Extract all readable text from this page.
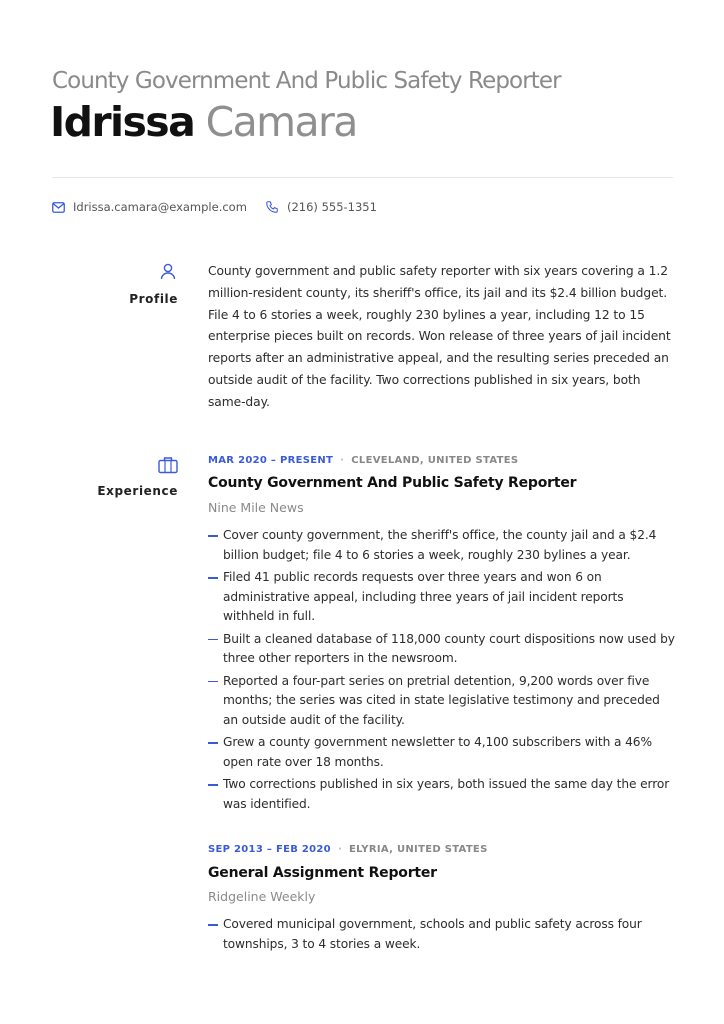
County Government And Public Safety Reporter
Idrissa Camara
Idrissa.camara@example.com	(216) 555-1351
Profile
County government and public safety reporter with six years covering a 1.2 million-resident county, its sheriff's office, its jail and its $2.4 billion budget. File 4 to 6 stories a week, roughly 230 bylines a year, including 12 to 15 enterprise pieces built on records. Won release of three years of jail incident reports after an administrative appeal, and the resulting series preceded an outside audit of the facility. Two corrections published in six years, both same-day.
Experience
MAR 2020 – PRESENT · CLEVELAND, UNITED STATES
County Government And Public Safety Reporter
Nine Mile News
Cover county government, the sheriff's office, the county jail and a $2.4 billion budget; file 4 to 6 stories a week, roughly 230 bylines a year.
Filed 41 public records requests over three years and won 6 on administrative appeal, including three years of jail incident reports withheld in full.
Built a cleaned database of 118,000 county court dispositions now used by three other reporters in the newsroom.
Reported a four-part series on pretrial detention, 9,200 words over five months; the series was cited in state legislative testimony and preceded an outside audit of the facility.
Grew a county government newsletter to 4,100 subscribers with a 46% open rate over 18 months.
Two corrections published in six years, both issued the same day the error was identified.
SEP 2013 – FEB 2020 · ELYRIA, UNITED STATES
General Assignment Reporter
Ridgeline Weekly
Covered municipal government, schools and public safety across four townships, 3 to 4 stories a week.
